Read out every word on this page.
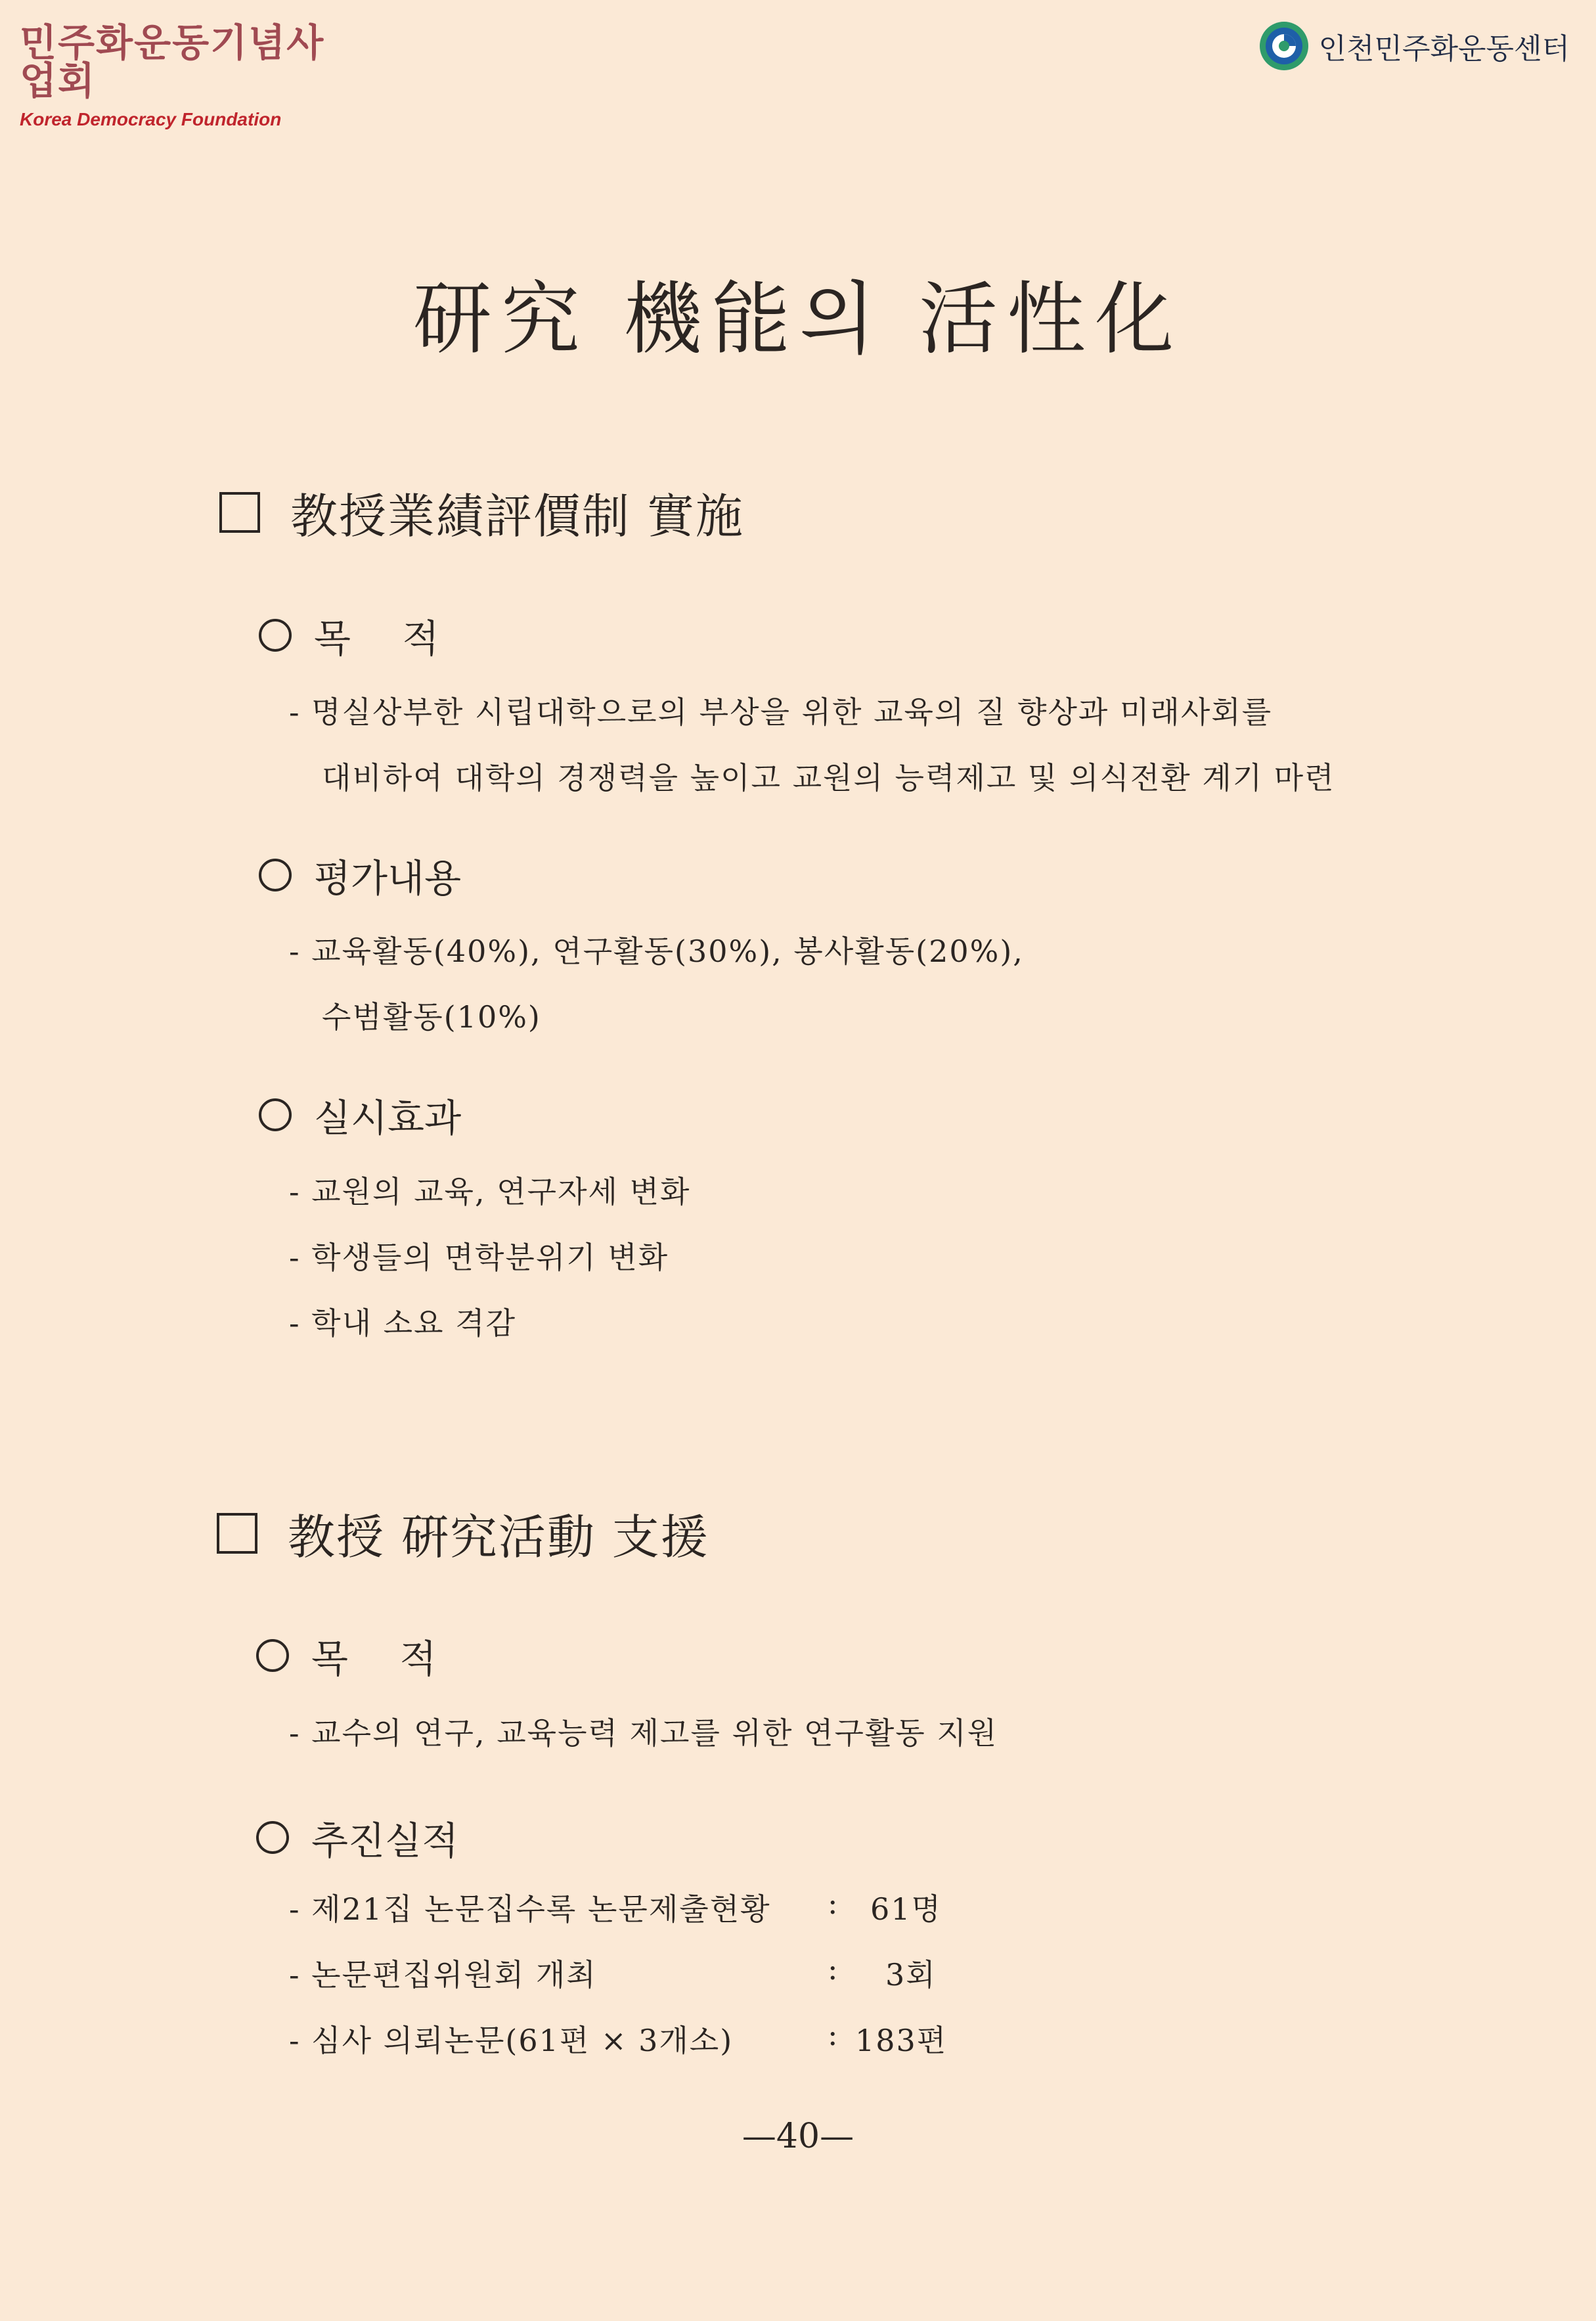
민주화운동기념사업회
Korea Democracy Foundation
인천민주화운동센터
研究 機能의 活性化
教授業績評價制 實施
목 적
- 명실상부한 시립대학으로의 부상을 위한 교육의 질 향상과 미래사회를
대비하여 대학의 경쟁력을 높이고 교원의 능력제고 및 의식전환 계기 마련
평가내용
- 교육활동(40%), 연구활동(30%), 봉사활동(20%),
수범활동(10%)
실시효과
- 교원의 교육, 연구자세 변화
- 학생들의 면학분위기 변화
- 학내 소요 격감
教授 硏究活動 支援
목 적
- 교수의 연구, 교육능력 제고를 위한 연구활동 지원
추진실적
- 제21집 논문집수록 논문제출현황 : 61명
- 논문편집위원회 개최	: 3회
- 심사 의뢰논문(61편 × 3개소)	: 183편
—40—
